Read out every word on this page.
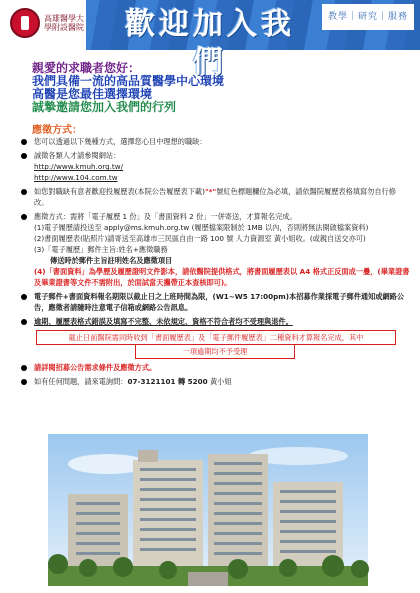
高雄醫學大學附設醫院 歡迎加入我們
教學｜研究｜服務

親愛的求職者您好：

我們具備一流的高品質醫學中心環境

高醫是您最佳選擇環境

誠摯邀請您加入我們的行列

應徵方式：
您可以透過以下幾種方式，選擇您心目中理想的職缺：
誠徵各類人才請參閱網站：
http://www.kmuh.org.tw/
http://www.104.com.tw
如您對職缺有意者歡迎投履歷表(本院公告履歷表下載)"*"號紅色標題欄位為必填，請依醫院履歷表格填寫勿自行修改。
應徵方式：需將「電子履歷 1 份」及「書面資料 2 份」一併寄送，才算報名完成。
(1)電子履歷請投送至 apply@ms.kmuh.org.tw (履歷檔案限制於 1MB 以內，否則將無法開啟檔案資料)
(2)書面履歷表(貼照片)請寄送至高雄市三民區自由一路 100 號 人力資源室 黃小姐收。(或親自送交亦可)
(3)「電子履歷」郵件主旨:姓名+應徵職務
傳送時於郵件主旨註明姓名及應徵項目
(4)「書面資料」為學歷及履歷證明文件影本，請依醫院提供格式，將書面履歷表以 A4 格式正反面成一疊，(畢業證書及畢業證書等文件不需附出，於面試當天攜帶正本查核即可)。
電子郵件+書面資料報名期限以截止日之上班時間為限，(W1~W5 17:00pm)本招募作業採電子郵件通知或網路公告，應徵者請隨時注意電子信箱或網路公告訊息。
逾期、履歷表格式錯誤及填寫不完整、未依規定、資格不符合者均不受理與退件。
截止日前醫院需同時收到「書面履歷表」及「電子郵件履歷表」二種資料才算報名完成，其中
一項逾期均不予受理
請詳閱招募公告需求條件及應徵方式。
如有任何問題，請來電詢問：07-3121101 轉 5200 黃小姐
